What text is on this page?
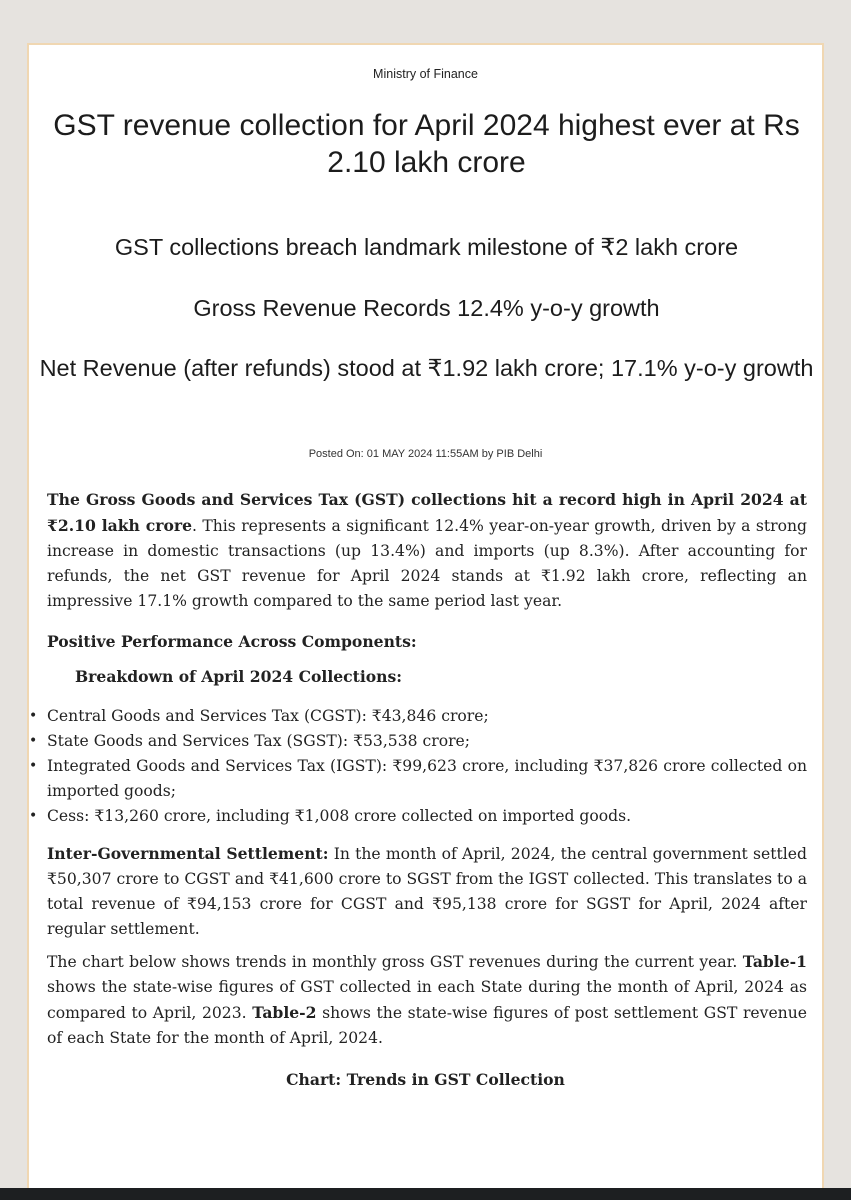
Ministry of Finance
GST revenue collection for April 2024 highest ever at Rs 2.10 lakh crore
GST collections breach landmark milestone of ₹2 lakh crore
Gross Revenue Records 12.4% y-o-y growth
Net Revenue (after refunds) stood at ₹1.92 lakh crore; 17.1% y-o-y growth
Posted On: 01 MAY 2024 11:55AM by PIB Delhi

The Gross Goods and Services Tax (GST) collections hit a record high in April 2024 at ₹2.10 lakh crore. This represents a significant 12.4% year-on-year growth, driven by a strong increase in domestic transactions (up 13.4%) and imports (up 8.3%). After accounting for refunds, the net GST revenue for April 2024 stands at ₹1.92 lakh crore, reflecting an impressive 17.1% growth compared to the same period last year.

Positive Performance Across Components:

Breakdown of April 2024 Collections:
• Central Goods and Services Tax (CGST): ₹43,846 crore;
• State Goods and Services Tax (SGST): ₹53,538 crore;
• Integrated Goods and Services Tax (IGST): ₹99,623 crore, including ₹37,826 crore collected on imported goods;
• Cess: ₹13,260 crore, including ₹1,008 crore collected on imported goods.

Inter-Governmental Settlement: In the month of April, 2024, the central government settled ₹50,307 crore to CGST and ₹41,600 crore to SGST from the IGST collected. This translates to a total revenue of ₹94,153 crore for CGST and ₹95,138 crore for SGST for April, 2024 after regular settlement.

The chart below shows trends in monthly gross GST revenues during the current year. Table-1 shows the state-wise figures of GST collected in each State during the month of April, 2024 as compared to April, 2023. Table-2 shows the state-wise figures of post settlement GST revenue of each State for the month of April, 2024.

Chart: Trends in GST Collection
